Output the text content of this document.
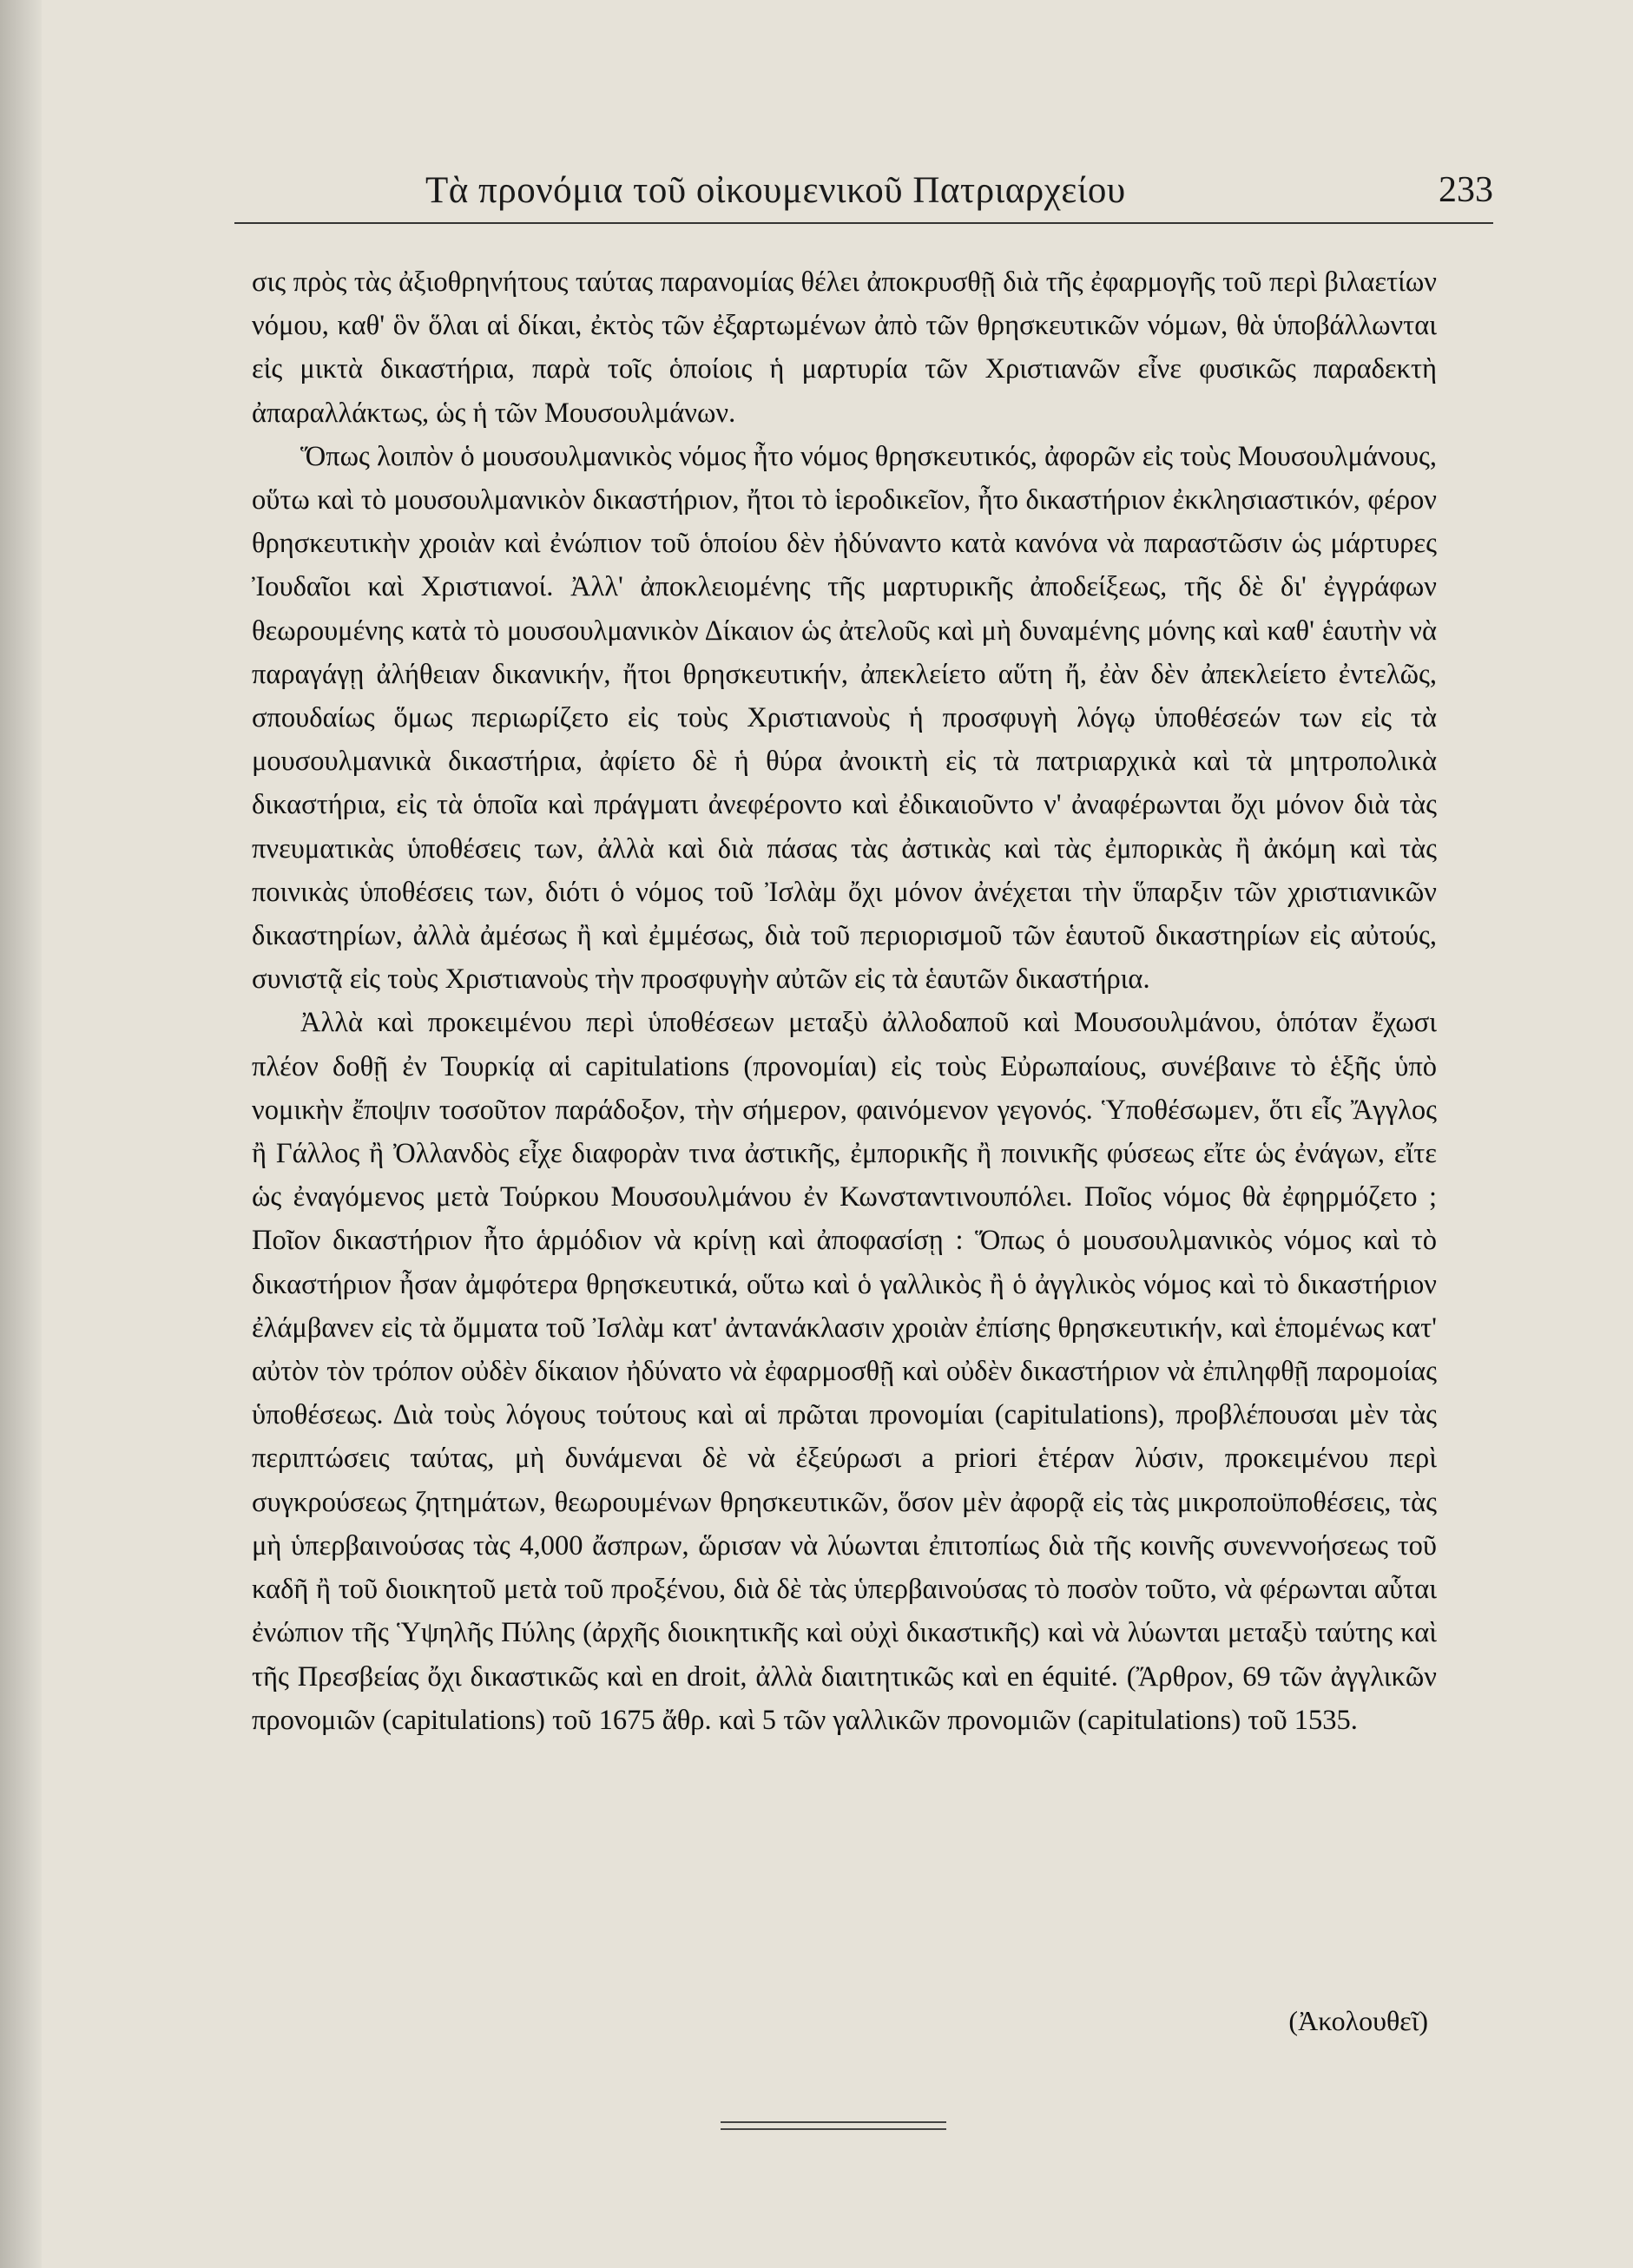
Τὰ προνόμια τοῦ οἰκουμενικοῦ Πατριαρχείου	233

σις πρὸς τὰς ἀξιοθρηνήτους ταύτας παρανομίας θέλει ἀποκρυσθῇ διὰ τῆς ἐφαρμογῆς τοῦ περὶ βιλαετίων νόμου, καθ' ὃν ὅλαι αἱ δίκαι, ἐκτὸς τῶν ἐξαρτωμένων ἀπὸ τῶν θρησκευτικῶν νόμων, θὰ ὑποβάλλωνται εἰς μικτὰ δικαστήρια, παρὰ τοῖς ὁποίοις ἡ μαρτυρία τῶν Χριστιανῶν εἶνε φυσικῶς παραδεκτὴ ἀπαραλλάκτως, ὡς ἡ τῶν Μουσουλμάνων.

Ὅπως λοιπὸν ὁ μουσουλμανικὸς νόμος ἦτο νόμος θρησκευτικός, ἀφορῶν εἰς τοὺς Μουσουλμάνους, οὕτω καὶ τὸ μουσουλμανικὸν δικαστήριον, ἤτοι τὸ ἱεροδικεῖον, ἦτο δικαστήριον ἐκκλησιαστικόν, φέρον θρησκευτικὴν χροιὰν καὶ ἐνώπιον τοῦ ὁποίου δὲν ἠδύναντο κατὰ κανόνα νὰ παραστῶσιν ὡς μάρτυρες Ἰουδαῖοι καὶ Χριστιανοί. Ἀλλ' ἀποκλειομένης τῆς μαρτυρικῆς ἀποδείξεως, τῆς δὲ δι' ἐγγράφων θεωρουμένης κατὰ τὸ μουσουλμανικὸν Δίκαιον ὡς ἀτελοῦς καὶ μὴ δυναμένης μόνης καὶ καθ' ἑαυτὴν νὰ παραγάγῃ ἀλήθειαν δικανικήν, ἤτοι θρησκευτικήν, ἀπεκλείετο αὕτη ἤ, ἐὰν δὲν ἀπεκλείετο ἐντελῶς, σπουδαίως ὅμως περιωρίζετο εἰς τοὺς Χριστιανοὺς ἡ προσφυγὴ λόγῳ ὑποθέσεών των εἰς τὰ μουσουλμανικὰ δικαστήρια, ἀφίετο δὲ ἡ θύρα ἀνοικτὴ εἰς τὰ πατριαρχικὰ καὶ τὰ μητροπολικὰ δικαστήρια, εἰς τὰ ὁποῖα καὶ πράγματι ἀνεφέροντο καὶ ἐδικαιοῦντο ν' ἀναφέρωνται ὄχι μόνον διὰ τὰς πνευματικὰς ὑποθέσεις των, ἀλλὰ καὶ διὰ πάσας τὰς ἀστικὰς καὶ τὰς ἐμπορικὰς ἢ ἀκόμη καὶ τὰς ποινικὰς ὑποθέσεις των, διότι ὁ νόμος τοῦ Ἰσλὰμ ὄχι μόνον ἀνέχεται τὴν ὕπαρξιν τῶν χριστιανικῶν δικαστηρίων, ἀλλὰ ἀμέσως ἢ καὶ ἐμμέσως, διὰ τοῦ περιορισμοῦ τῶν ἑαυτοῦ δικαστηρίων εἰς αὐτούς, συνιστᾷ εἰς τοὺς Χριστιανοὺς τὴν προσφυγὴν αὐτῶν εἰς τὰ ἑαυτῶν δικαστήρια.

Ἀλλὰ καὶ προκειμένου περὶ ὑποθέσεων μεταξὺ ἀλλοδαποῦ καὶ Μουσουλμάνου, ὁπόταν ἔχωσι πλέον δοθῇ ἐν Τουρκίᾳ αἱ capitulations (προνομίαι) εἰς τοὺς Εὐρωπαίους, συνέβαινε τὸ ἑξῆς ὑπὸ νομικὴν ἔποψιν τοσοῦτον παράδοξον, τὴν σήμερον, φαινόμενον γεγονός. Ὑποθέσωμεν, ὅτι εἷς Ἄγγλος ἢ Γάλλος ἢ Ὀλλανδὸς εἶχε διαφορὰν τινα ἀστικῆς, ἐμπορικῆς ἢ ποινικῆς φύσεως εἴτε ὡς ἐνάγων, εἴτε ὡς ἐναγόμενος μετὰ Τούρκου Μουσουλμάνου ἐν Κωνσταντινουπόλει. Ποῖος νόμος θὰ ἐφηρμόζετο ; Ποῖον δικαστήριον ἦτο ἁρμόδιον νὰ κρίνῃ καὶ ἀποφασίσῃ : Ὅπως ὁ μουσουλμανικὸς νόμος καὶ τὸ δικαστήριον ἦσαν ἀμφότερα θρησκευτικά, οὕτω καὶ ὁ γαλλικὸς ἢ ὁ ἀγγλικὸς νόμος καὶ τὸ δικαστήριον ἐλάμβανεν εἰς τὰ ὄμματα τοῦ Ἰσλὰμ κατ' ἀντανάκλασιν χροιὰν ἐπίσης θρησκευτικήν, καὶ ἑπομένως κατ' αὐτὸν τὸν τρόπον οὐδὲν δίκαιον ἠδύνατο νὰ ἐφαρμοσθῇ καὶ οὐδὲν δικαστήριον νὰ ἐπιληφθῇ παρομοίας ὑποθέσεως. Διὰ τοὺς λόγους τούτους καὶ αἱ πρῶται προνομίαι (capitulations), προβλέπουσαι μὲν τὰς περιπτώσεις ταύτας, μὴ δυνάμεναι δὲ νὰ ἐξεύρωσι a priori ἑτέραν λύσιν, προκειμένου περὶ συγκρούσεως ζητημάτων, θεωρουμένων θρησκευτικῶν, ὅσον μὲν ἀφορᾷ εἰς τὰς μικροποϋποθέσεις, τὰς μὴ ὑπερβαινούσας τὰς 4,000 ἄσπρων, ὥρισαν νὰ λύωνται ἐπιτοπίως διὰ τῆς κοινῆς συνεννοήσεως τοῦ καδῆ ἢ τοῦ διοικητοῦ μετὰ τοῦ προξένου, διὰ δὲ τὰς ὑπερβαινούσας τὸ ποσὸν τοῦτο, νὰ φέρωνται αὗται ἐνώπιον τῆς Ὑψηλῆς Πύλης (ἀρχῆς διοικητικῆς καὶ οὐχὶ δικαστικῆς) καὶ νὰ λύωνται μεταξὺ ταύτης καὶ τῆς Πρεσβείας ὄχι δικαστικῶς καὶ en droit, ἀλλὰ διαιτητικῶς καὶ en équité. (Ἄρθρον, 69 τῶν ἀγγλικῶν προνομιῶν (capitulations) τοῦ 1675 ἄθρ. καὶ 5 τῶν γαλλικῶν προνομιῶν (capitulations) τοῦ 1535.

(Ἀκολουθεῖ)
